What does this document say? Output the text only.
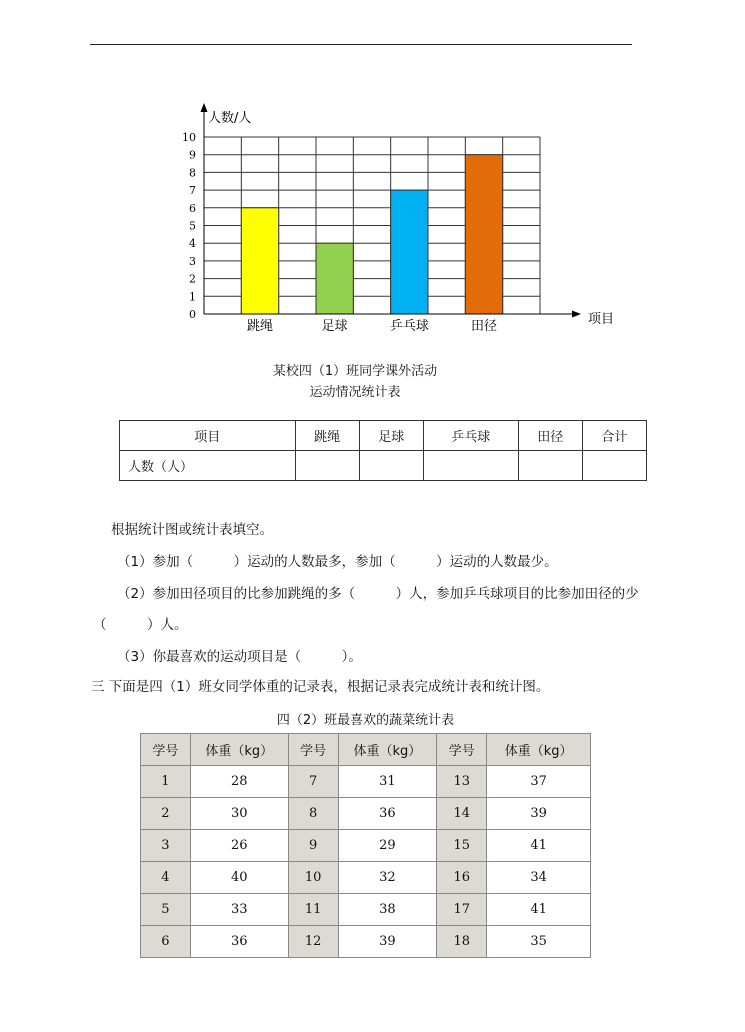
0
1
2
3
4
5
6
7
8
9
10
跳绳	足球	乒乓球	田径
人数/人
项目
某校四（1）班同学课外活动
运动情况统计表
项目	跳绳	足球	乒乓球	田径	合计
人数（人）					
根据统计图或统计表填空。
（1）参加（　　　）运动的人数最多，参加（　　　）运动的人数最少。
（2）参加田径项目的比参加跳绳的多（　　　）人，参加乒乓球项目的比参加田径的少
（　　　）人。
（3）你最喜欢的运动项目是（　　　）。
三 下面是四（1）班女同学体重的记录表，根据记录表完成统计表和统计图。
四（2）班最喜欢的蔬菜统计表
学号	体重（kg）	学号	体重（kg）	学号	体重（kg）
1	28	7	31	13	37
2	30	8	36	14	39
3	26	9	29	15	41
4	40	10	32	16	34
5	33	11	38	17	41
6	36	12	39	18	35
